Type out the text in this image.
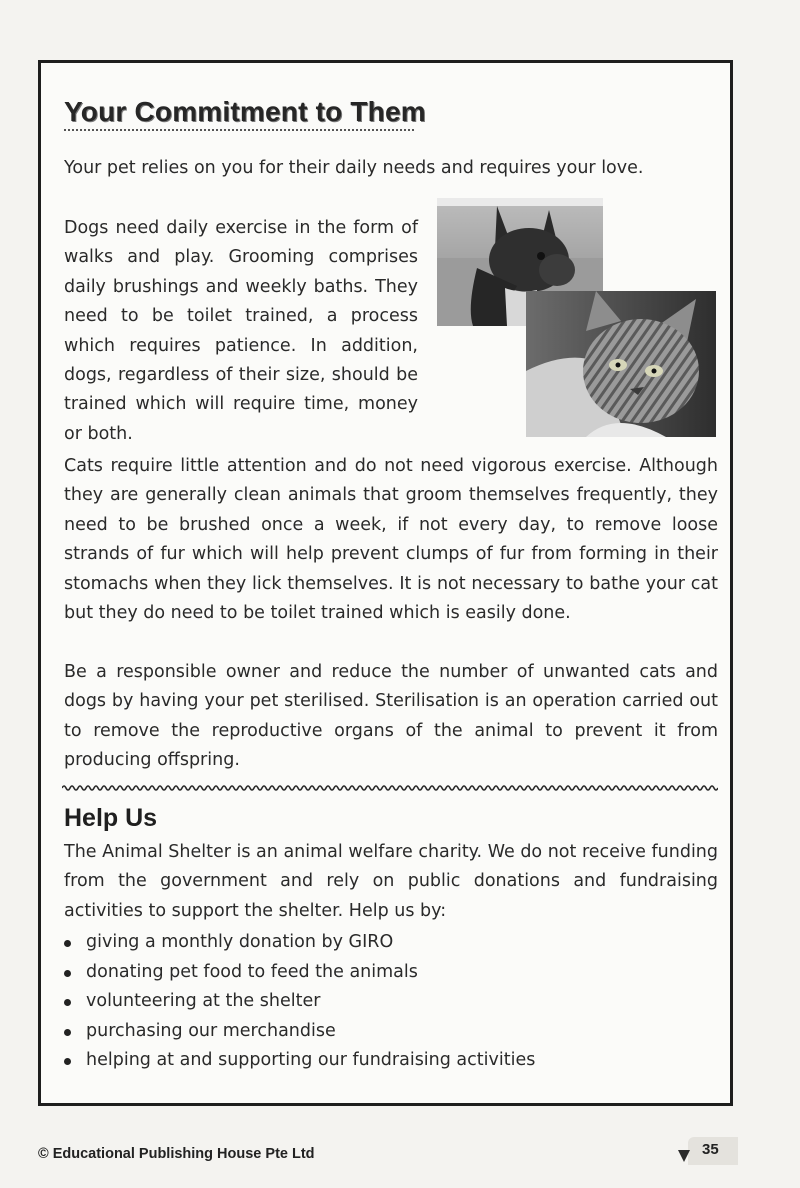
Your Commitment to Them

Your pet relies on you for their daily needs and requires your love.

Dogs need daily exercise in the form of walks and play. Grooming comprises daily brushings and weekly baths. They need to be toilet trained, a process which requires patience. In addition, dogs, regardless of their size, should be trained which will require time, money or both.

Cats require little attention and do not need vigorous exercise. Although they are generally clean animals that groom themselves frequently, they need to be brushed once a week, if not every day, to remove loose strands of fur which will help prevent clumps of fur from forming in their stomachs when they lick themselves. It is not necessary to bathe your cat but they do need to be toilet trained which is easily done.

Be a responsible owner and reduce the number of unwanted cats and dogs by having your pet sterilised. Sterilisation is an operation carried out to remove the reproductive organs of the animal to prevent it from producing offspring.

Help Us

The Animal Shelter is an animal welfare charity. We do not receive funding from the government and rely on public donations and fundraising activities to support the shelter. Help us by:

giving a monthly donation by GIRO
donating pet food to feed the animals
volunteering at the shelter
purchasing our merchandise
helping at and supporting our fundraising activities
© Educational Publishing House Pte Ltd	35
